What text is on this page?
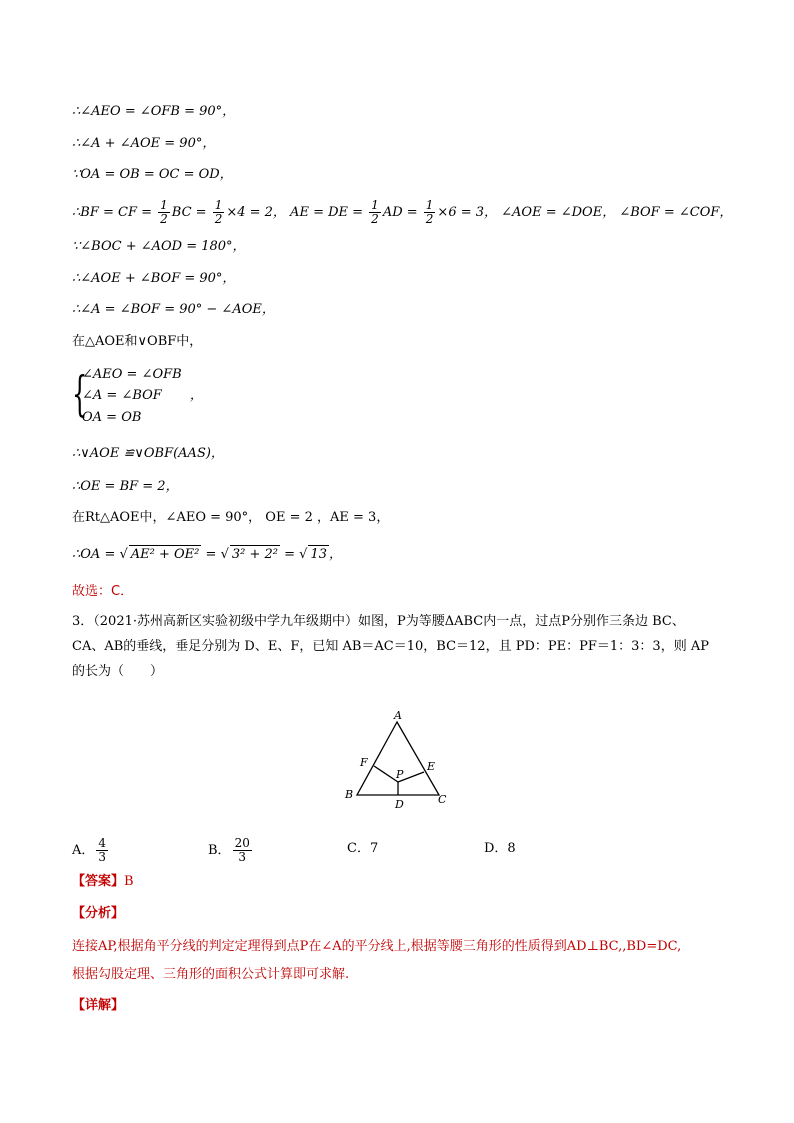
∴∠AEO = ∠OFB = 90°，
∴∠A + ∠AOE = 90°，
∵OA = OB = OC = OD，
∴BF = CF = $\frac{1}{2}$ BC = $\frac{1}{2} \times 4 = 2$， AE = DE = $\frac{1}{2}$ AD = $\frac{1}{2} \times 6 = 3$， ∠AOE = ∠DOE， ∠BOF = ∠COF，
∵∠BOC + ∠AOD = 180°，
∴∠AOE + ∠BOF = 90°，
∴∠A = ∠BOF = 90° − ∠AOE，
在△AOE和∨OBF中，
{
∠AEO = ∠OFB
∠A = ∠BOF ，
OA = OB
∴∨AOE ≌∨OBF(AAS)，
∴OE = BF = 2，
在Rt△AOE中，∠AEO = 90°， OE = 2 ，AE = 3，
∴OA = √ AE² + OE² = √ 3² + 2² = √ 13 ，
故选：C．
3．（2021·苏州高新区实验初级中学九年级期中）如图，P为等腰ΔABC内一点，过点P分别作三条边 BC、
CA、AB的垂线，垂足分别为 D、E、F，已知 AB＝AC＝10，BC＝12，且 PD：PE：PF＝1：3：3，则 AP
的长为（　　）
A
F
P
E
B
D	C
A． $\frac{4}{3}$	B． $\frac{20}{3}$	C．7	D．8
【答案】B
【分析】
连接AP,根据角平分线的判定定理得到点P在∠A的平分线上,根据等腰三角形的性质得到AD⊥BC,,BD=DC,
根据勾股定理、三角形的面积公式计算即可求解.
【详解】
